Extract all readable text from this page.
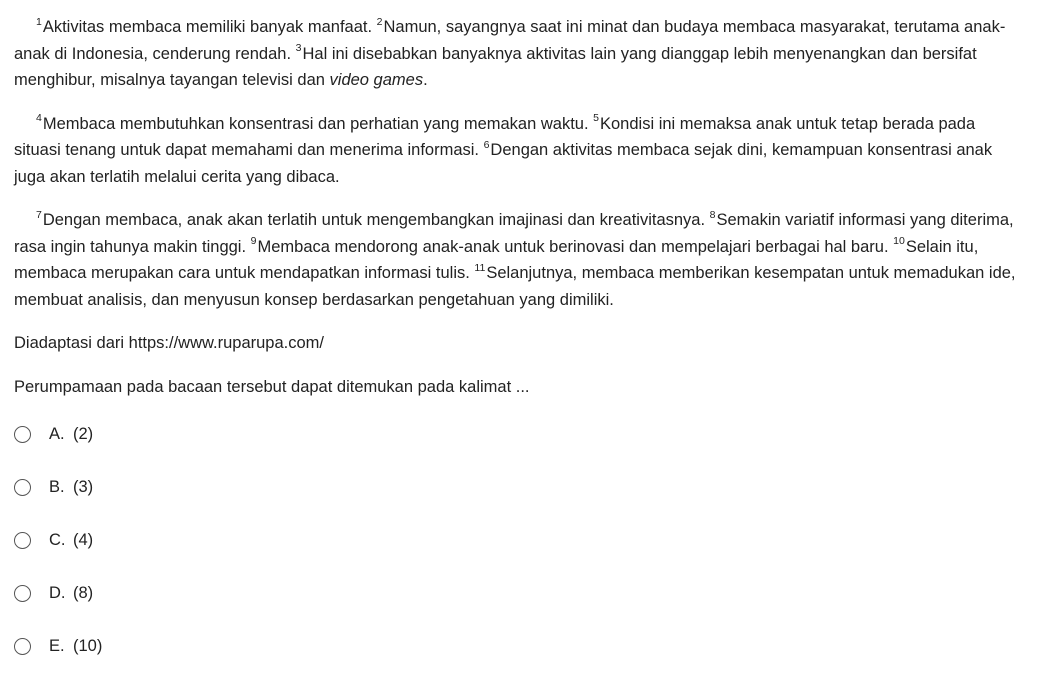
$^1$Aktivitas membaca memiliki banyak manfaat. $^2$Namun, sayangnya saat ini minat dan budaya membaca masyarakat, terutama anak-anak di Indonesia, cenderung rendah. $^3$Hal ini disebabkan banyaknya aktivitas lain yang dianggap lebih menyenangkan dan bersifat menghibur, misalnya tayangan televisi dan video games.

$^4$Membaca membutuhkan konsentrasi dan perhatian yang memakan waktu. $^5$Kondisi ini memaksa anak untuk tetap berada pada situasi tenang untuk dapat memahami dan menerima informasi. $^6$Dengan aktivitas membaca sejak dini, kemampuan konsentrasi anak juga akan terlatih melalui cerita yang dibaca.

$^7$Dengan membaca, anak akan terlatih untuk mengembangkan imajinasi dan kreativitasnya. $^8$Semakin variatif informasi yang diterima, rasa ingin tahunya makin tinggi. $^9$Membaca mendorong anak-anak untuk berinovasi dan mempelajari berbagai hal baru. $^{10}$Selain itu, membaca merupakan cara untuk mendapatkan informasi tulis. $^{11}$Selanjutnya, membaca memberikan kesempatan untuk memadukan ide, membuat analisis, dan menyusun konsep berdasarkan pengetahuan yang dimiliki.

Diadaptasi dari https://www.ruparupa.com/

Perumpamaan pada bacaan tersebut dapat ditemukan pada kalimat ...

A. (2)
B. (3)
C. (4)
D. (8)
E. (10)
